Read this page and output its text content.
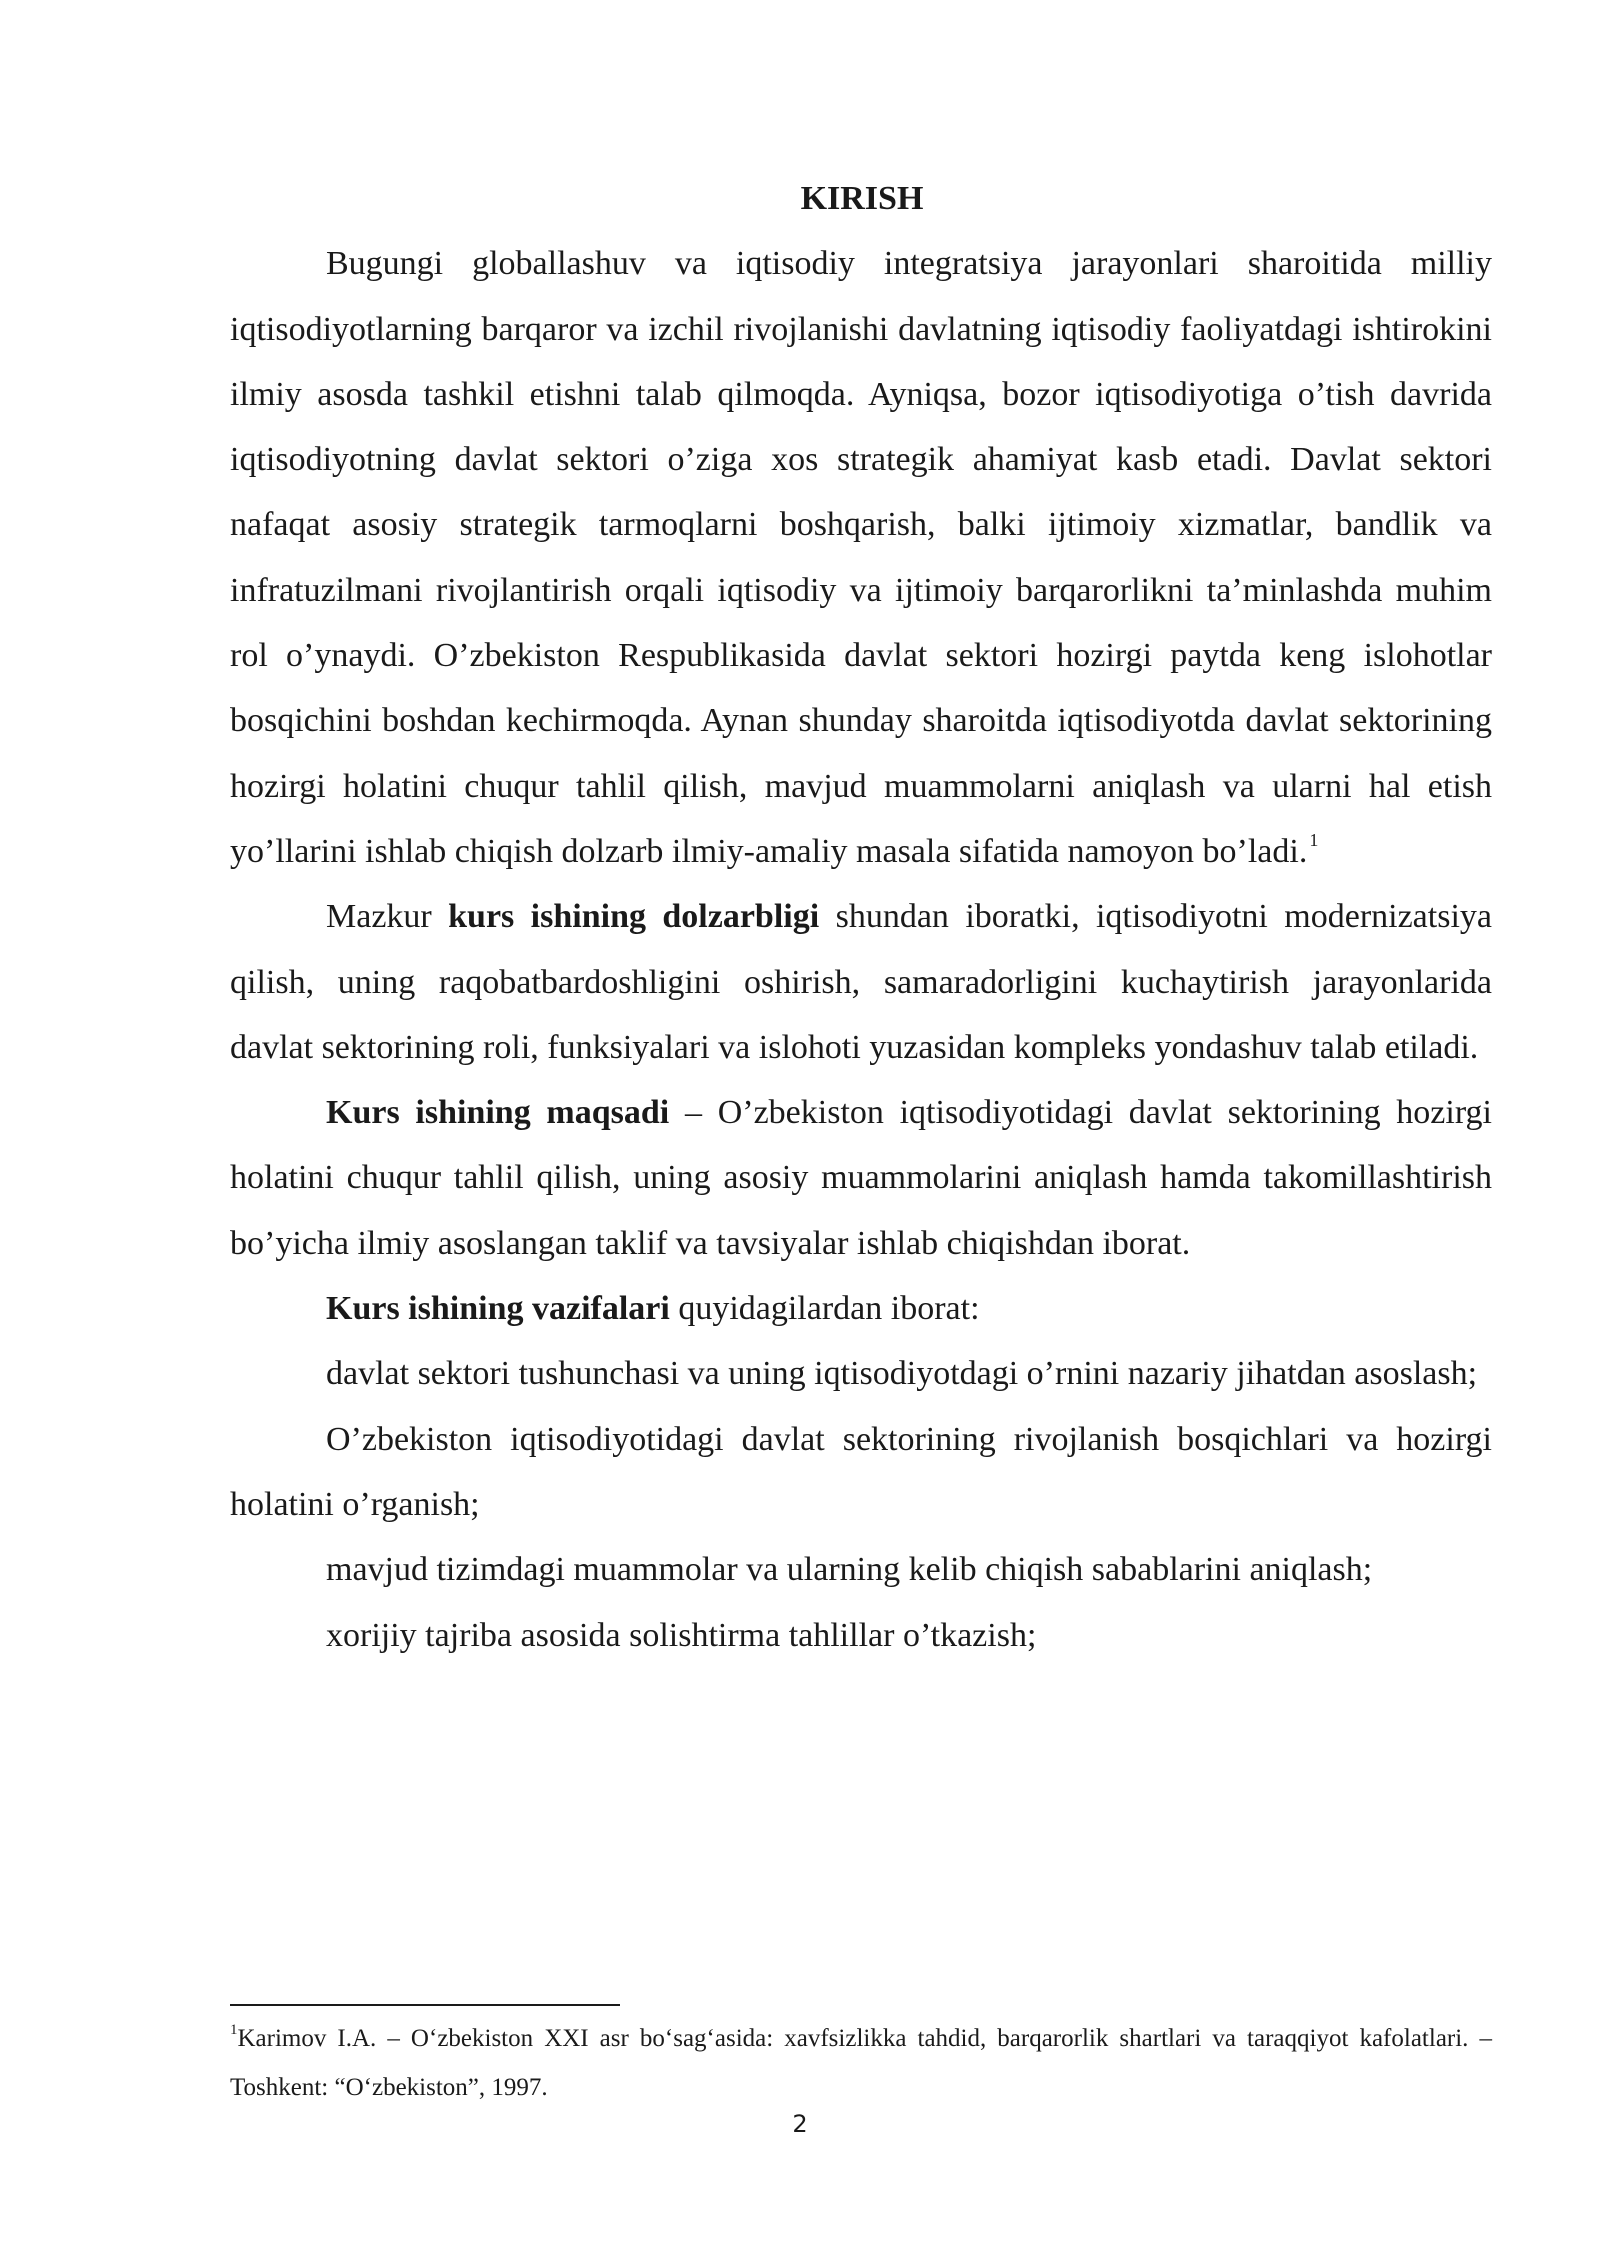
KIRISH

Bugungi globallashuv va iqtisodiy integratsiya jarayonlari sharoitida milliy iqtisodiyotlarning barqaror va izchil rivojlanishi davlatning iqtisodiy faoliyatdagi ishtirokini ilmiy asosda tashkil etishni talab qilmoqda. Ayniqsa, bozor iqtisodiyotiga o’tish davrida iqtisodiyotning davlat sektori o’ziga xos strategik ahamiyat kasb etadi. Davlat sektori nafaqat asosiy strategik tarmoqlarni boshqarish, balki ijtimoiy xizmatlar, bandlik va infratuzilmani rivojlantirish orqali iqtisodiy va ijtimoiy barqarorlikni ta’minlashda muhim rol o’ynaydi. O’zbekiston Respublikasida davlat sektori hozirgi paytda keng islohotlar bosqichini boshdan kechirmoqda. Aynan shunday sharoitda iqtisodiyotda davlat sektorining hozirgi holatini chuqur tahlil qilish, mavjud muammolarni aniqlash va ularni hal etish yo’llarini ishlab chiqish dolzarb ilmiy-amaliy masala sifatida namoyon bo’ladi. $^1$

Mazkur kurs ishining dolzarbligi shundan iboratki, iqtisodiyotni modernizatsiya qilish, uning raqobatbardoshligini oshirish, samaradorligini kuchaytirish jarayonlarida davlat sektorining roli, funksiyalari va islohoti yuzasidan kompleks yondashuv talab etiladi.

Kurs ishining maqsadi – O’zbekiston iqtisodiyotidagi davlat sektorining hozirgi holatini chuqur tahlil qilish, uning asosiy muammolarini aniqlash hamda takomillashtirish bo’yicha ilmiy asoslangan taklif va tavsiyalar ishlab chiqishdan iborat.

Kurs ishining vazifalari quyidagilardan iborat:

davlat sektori tushunchasi va uning iqtisodiyotdagi o’rnini nazariy jihatdan asoslash;

O’zbekiston iqtisodiyotidagi davlat sektorining rivojlanish bosqichlari va hozirgi holatini o’rganish;

mavjud tizimdagi muammolar va ularning kelib chiqish sabablarini aniqlash;

xorijiy tajriba asosida solishtirma tahlillar o’tkazish;

$^1$Karimov I.A. – O‘zbekiston XXI asr bo‘sag‘asida: xavfsizlikka tahdid, barqarorlik shartlari va taraqqiyot kafolatlari. – Toshkent: “O‘zbekiston”, 1997.

2
